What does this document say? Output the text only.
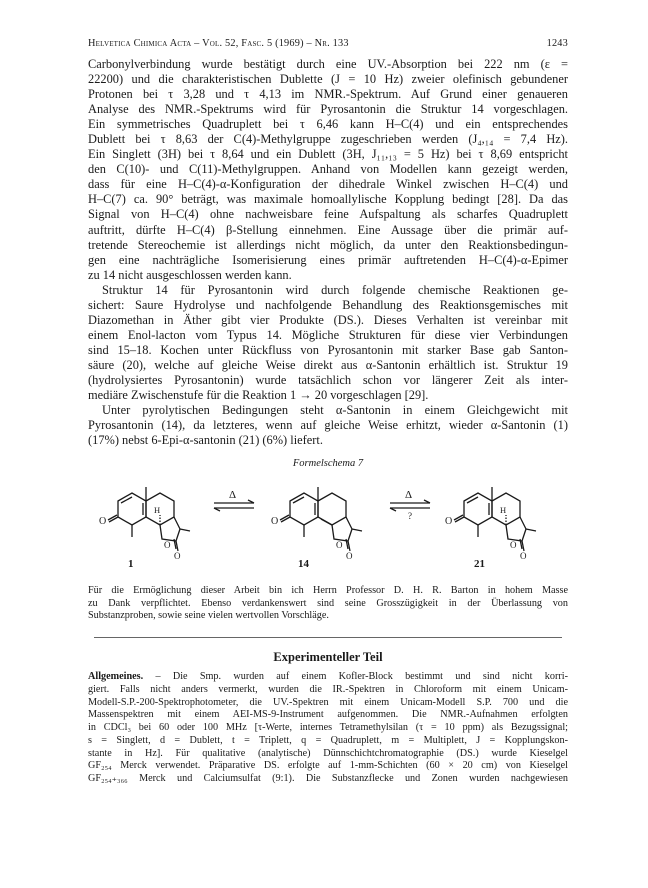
Helvetica Chimica Acta – Vol. 52, Fasc. 5 (1969) – Nr. 133	1243

Carbonylverbindung wurde bestätigt durch eine UV.-Absorption bei 222 nm (ε =
22200) und die charakteristischen Dublette (J = 10 Hz) zweier olefinisch gebundener
Protonen bei τ 3,28 und τ 4,13 im NMR.-Spektrum. Auf Grund einer genaueren
Analyse des NMR.-Spektrums wird für Pyrosantonin die Struktur 14 vorgeschlagen.
Ein symmetrisches Quadruplett bei τ 6,46 kann H–C(4) und ein entsprechendes
Dublett bei τ 8,63 der C(4)-Methylgruppe zugeschrieben werden (J₄,₁₄ = 7,4 Hz).
Ein Singlett (3H) bei τ 8,64 und ein Dublett (3H, J₁₁,₁₃ = 5 Hz) bei τ 8,69 entspricht
den C(10)- und C(11)-Methylgruppen. Anhand von Modellen kann gezeigt werden,
dass für eine H–C(4)-α-Konfiguration der dihedrale Winkel zwischen H–C(4) und
H–C(7) ca. 90° beträgt, was maximale homoallylische Kopplung bedingt [28]. Da das
Signal von H–C(4) ohne nachweisbare feine Aufspaltung als scharfes Quadruplett
auftritt, dürfte H–C(4) β-Stellung einnehmen. Eine Aussage über die primär auf-
tretende Stereochemie ist allerdings nicht möglich, da unter den Reaktionsbedingun-
gen eine nachträgliche Isomerisierung eines primär auftretenden H–C(4)-α-Epimer
zu 14 nicht ausgeschlossen werden kann.

Struktur 14 für Pyrosantonin wird durch folgende chemische Reaktionen ge-
sichert: Saure Hydrolyse und nachfolgende Behandlung des Reaktionsgemisches mit
Diazomethan in Äther gibt vier Produkte (DS.). Dieses Verhalten ist vereinbar mit
einem Enol-lacton vom Typus 14. Mögliche Strukturen für diese vier Verbindungen
sind 15–18. Kochen unter Rückfluss von Pyrosantonin mit starker Base gab Santon-
säure (20), welche auf gleiche Weise direkt aus α-Santonin erhältlich ist. Struktur 19
(hydrolysiertes Pyrosantonin) wurde tatsächlich schon vor längerer Zeit als inter-
mediäre Zwischenstufe für die Reaktion 1 → 20 vorgeschlagen [29].

Unter pyrolytischen Bedingungen steht α-Santonin in einem Gleichgewicht mit
Pyrosantonin (14), da letzteres, wenn auf gleiche Weise erhitzt, wieder α-Santonin (1)
(17%) nebst 6-Epi-α-santonin (21) (6%) liefert.

Formelschema 7
O
H
O
O
Δ
O
O
O
Δ
?	O
H
O
O
1	14	21
Für die Ermöglichung dieser Arbeit bin ich Herrn Professor D. H. R. Barton in hohem Masse
zu Dank verpflichtet. Ebenso verdankenswert sind seine Grosszügigkeit in der Überlassung von
Substanzproben, sowie seine vielen wertvollen Vorschläge.
Experimenteller Teil
Allgemeines. – Die Smp. wurden auf einem Kofler-Block bestimmt und sind nicht korri-
giert. Falls nicht anders vermerkt, wurden die IR.-Spektren in Chloroform mit einem Unicam-
Modell-S.P.-200-Spektrophotometer, die UV.-Spektren mit einem Unicam-Modell S.P. 700 und die
Massenspektren mit einem AEI-MS-9-Instrument aufgenommen. Die NMR.-Aufnahmen erfolgten
in CDCl₃ bei 60 oder 100 MHz [τ-Werte, internes Tetramethylsilan (τ = 10 ppm) als Bezugssignal;
s = Singlett, d = Dublett, t = Triplett, q = Quadruplett, m = Multiplett, J = Kopplungskon-
stante in Hz]. Für qualitative (analytische) Dünnschichtchromatographie (DS.) wurde Kieselgel
GF₂₅₄ Merck verwendet. Präparative DS. erfolgte auf 1-mm-Schichten (60 × 20 cm) von Kieselgel
GF₂₅₄₊₃₆₆ Merck und Calciumsulfat (9:1). Die Substanzflecke und Zonen wurden nachgewiesen
